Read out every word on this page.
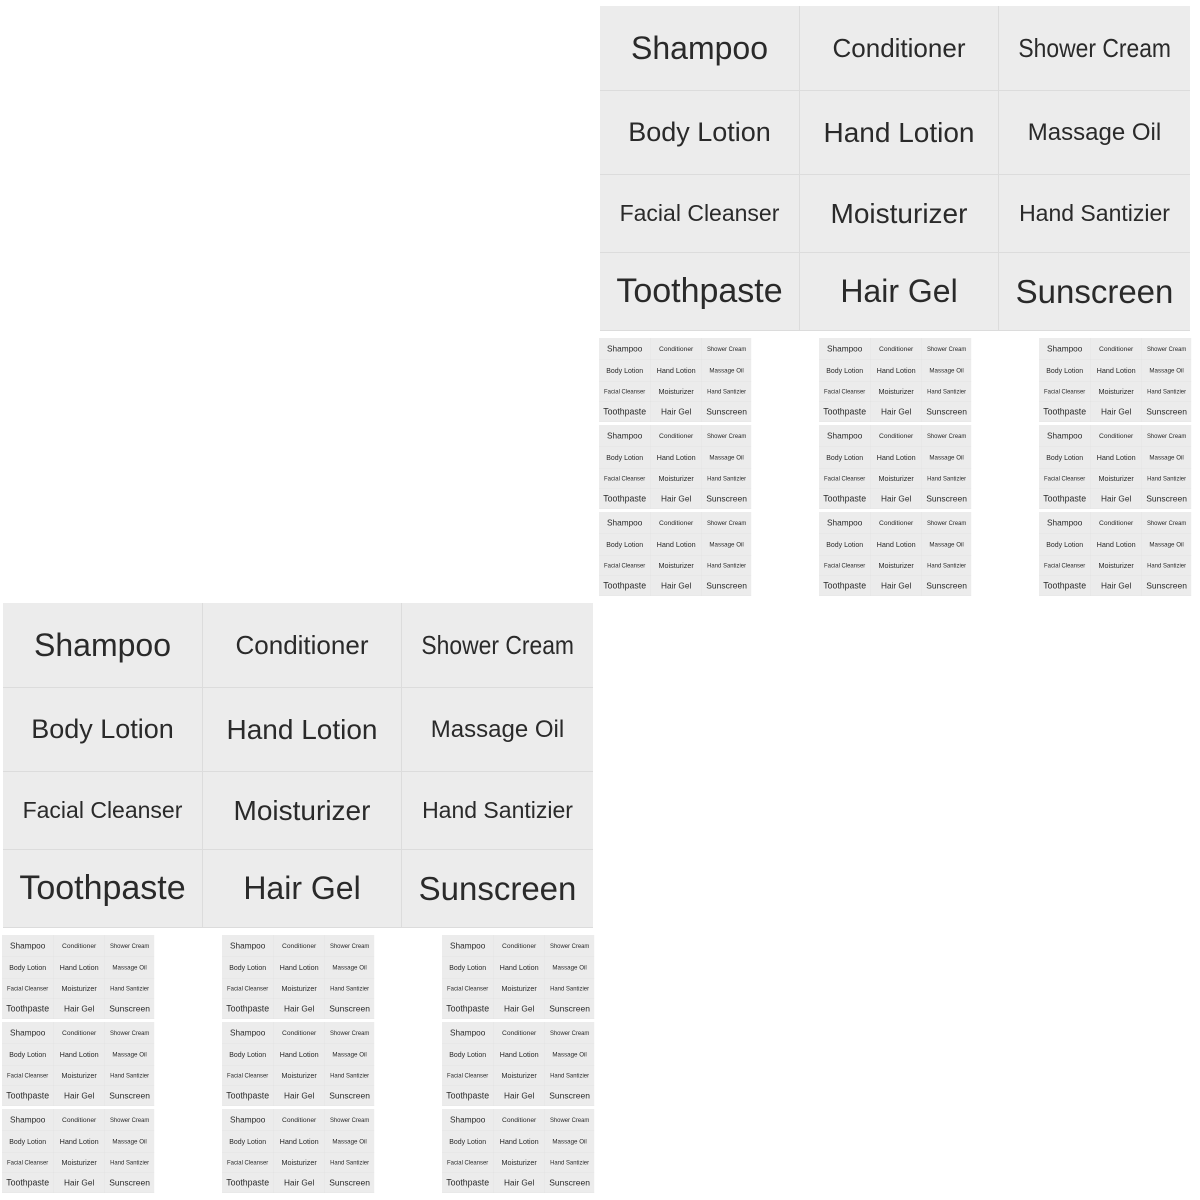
Shampoo Conditioner Shower Cream
Body Lotion Hand Lotion Massage Oil
Facial Cleanser Moisturizer Hand Santizier
Toothpaste Hair Gel Sunscreen
Shampoo Conditioner Shower Cream
Body Lotion Hand Lotion Massage Oil
Facial Cleanser Moisturizer Hand Santizier
Toothpaste Hair Gel Sunscreen
Shampoo Conditioner Shower Cream
Body Lotion Hand Lotion Massage Oil
Facial Cleanser Moisturizer Hand Santizier
Toothpaste Hair Gel Sunscreen
Shampoo Conditioner Shower Cream
Body Lotion Hand Lotion Massage Oil
Facial Cleanser Moisturizer Hand Santizier
Toothpaste Hair Gel Sunscreen
Shampoo Conditioner Shower Cream
Body Lotion Hand Lotion Massage Oil
Facial Cleanser Moisturizer Hand Santizier
Toothpaste Hair Gel Sunscreen
Shampoo Conditioner Shower Cream
Body Lotion Hand Lotion Massage Oil
Facial Cleanser Moisturizer Hand Santizier
Toothpaste Hair Gel Sunscreen
Shampoo Conditioner Shower Cream
Body Lotion Hand Lotion Massage Oil
Facial Cleanser Moisturizer Hand Santizier
Toothpaste Hair Gel Sunscreen
Shampoo Conditioner Shower Cream
Body Lotion Hand Lotion Massage Oil
Facial Cleanser Moisturizer Hand Santizier
Toothpaste Hair Gel Sunscreen
Shampoo Conditioner Shower Cream
Body Lotion Hand Lotion Massage Oil
Facial Cleanser Moisturizer Hand Santizier
Toothpaste Hair Gel Sunscreen
Shampoo Conditioner Shower Cream
Body Lotion Hand Lotion Massage Oil
Facial Cleanser Moisturizer Hand Santizier
Toothpaste Hair Gel Sunscreen
Shampoo Conditioner Shower Cream
Body Lotion Hand Lotion Massage Oil
Facial Cleanser Moisturizer Hand Santizier
Toothpaste Hair Gel Sunscreen
Shampoo Conditioner Shower Cream
Body Lotion Hand Lotion Massage Oil
Facial Cleanser Moisturizer Hand Santizier
Toothpaste Hair Gel Sunscreen
Shampoo Conditioner Shower Cream
Body Lotion Hand Lotion Massage Oil
Facial Cleanser Moisturizer Hand Santizier
Toothpaste Hair Gel Sunscreen
Shampoo Conditioner Shower Cream
Body Lotion Hand Lotion Massage Oil
Facial Cleanser Moisturizer Hand Santizier
Toothpaste Hair Gel Sunscreen
Shampoo Conditioner Shower Cream
Body Lotion Hand Lotion Massage Oil
Facial Cleanser Moisturizer Hand Santizier
Toothpaste Hair Gel Sunscreen
Shampoo Conditioner Shower Cream
Body Lotion Hand Lotion Massage Oil
Facial Cleanser Moisturizer Hand Santizier
Toothpaste Hair Gel Sunscreen
Shampoo Conditioner Shower Cream
Body Lotion Hand Lotion Massage Oil
Facial Cleanser Moisturizer Hand Santizier
Toothpaste Hair Gel Sunscreen
Shampoo Conditioner Shower Cream
Body Lotion Hand Lotion Massage Oil
Facial Cleanser Moisturizer Hand Santizier
Toothpaste Hair Gel Sunscreen
Shampoo Conditioner Shower Cream
Body Lotion Hand Lotion Massage Oil
Facial Cleanser Moisturizer Hand Santizier
Toothpaste Hair Gel Sunscreen
Shampoo Conditioner Shower Cream
Body Lotion Hand Lotion Massage Oil
Facial Cleanser Moisturizer Hand Santizier
Toothpaste Hair Gel Sunscreen
